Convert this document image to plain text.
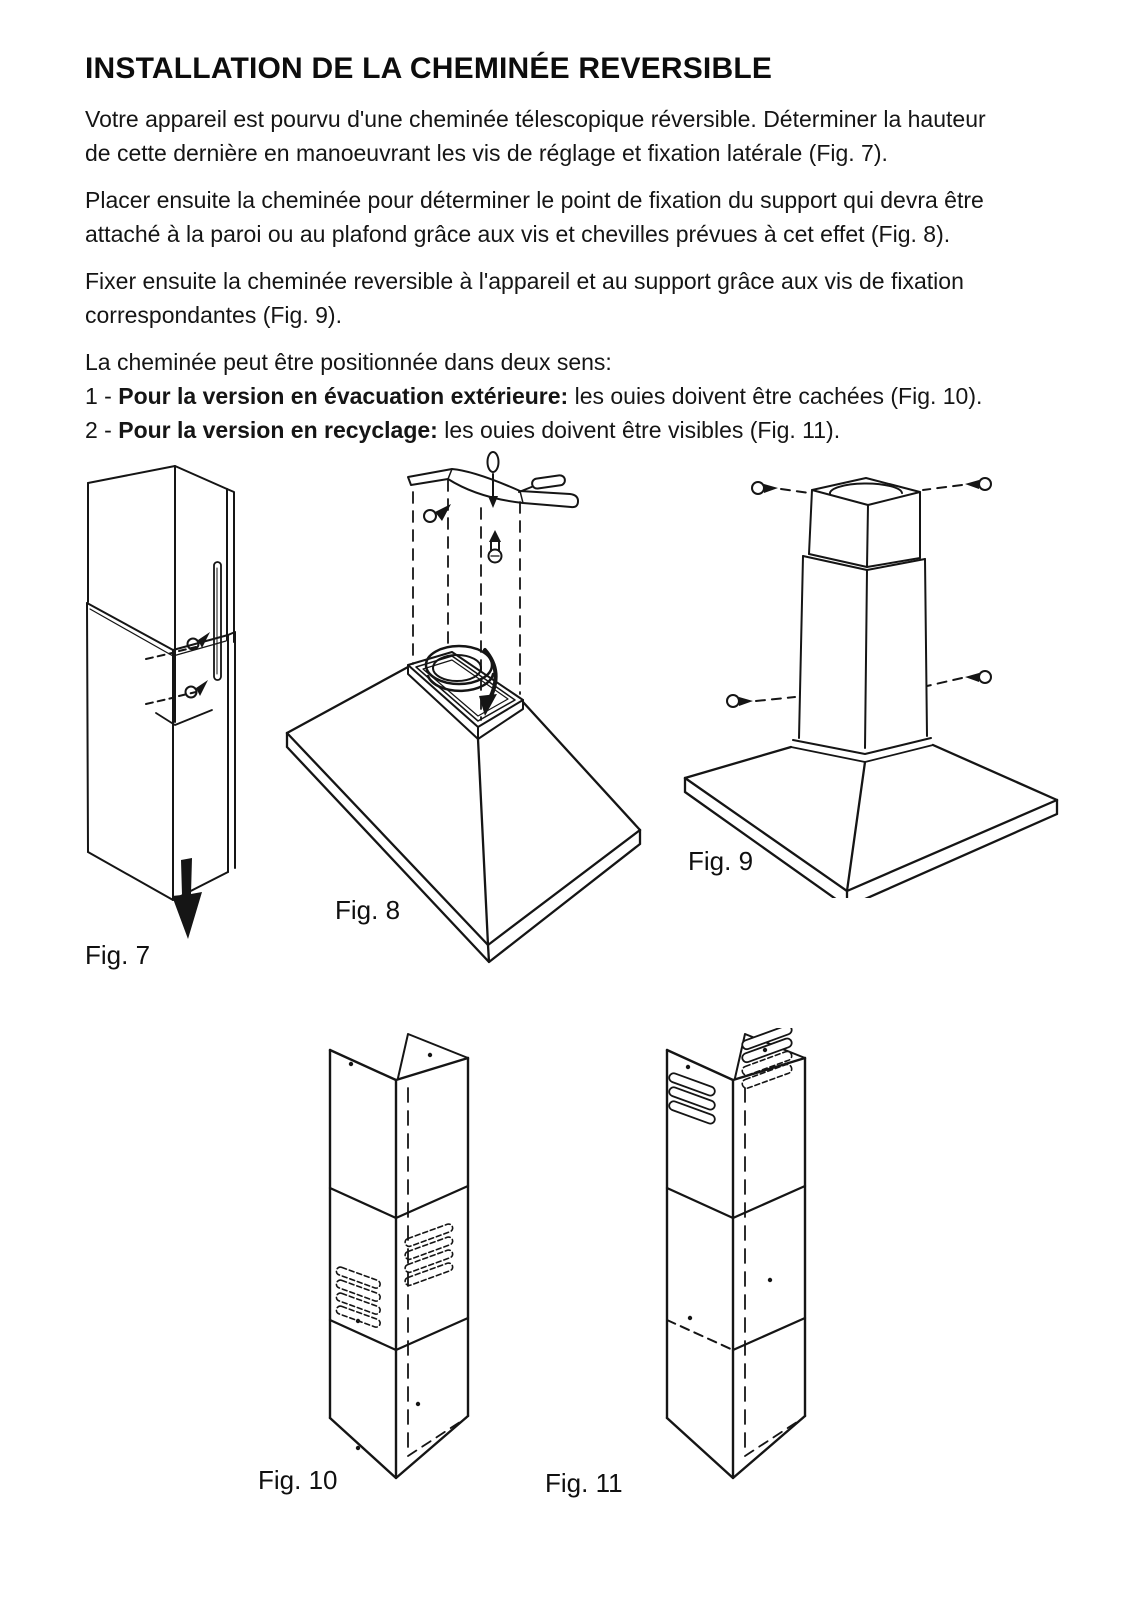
INSTALLATION DE LA CHEMINÉE REVERSIBLE
Votre appareil est pourvu d'une cheminée télescopique réversible. Déterminer la hauteur
de cette dernière en manoeuvrant les vis de réglage et fixation latérale (Fig. 7).
Placer ensuite la cheminée pour déterminer le point de fixation du support qui devra être
attaché à la paroi ou au plafond grâce aux vis et chevilles prévues à cet effet (Fig. 8).
Fixer ensuite la cheminée reversible à l'appareil et au support grâce aux vis de fixation
correspondantes (Fig. 9).
La cheminée peut être positionnée dans deux sens:
1 - Pour la version en évacuation extérieure: les ouies doivent être cachées (Fig. 10).
2 - Pour la version en recyclage: les ouies doivent être visibles (Fig. 11).
Fig. 7
Fig. 8
Fig. 9
Fig. 10	Fig. 11
